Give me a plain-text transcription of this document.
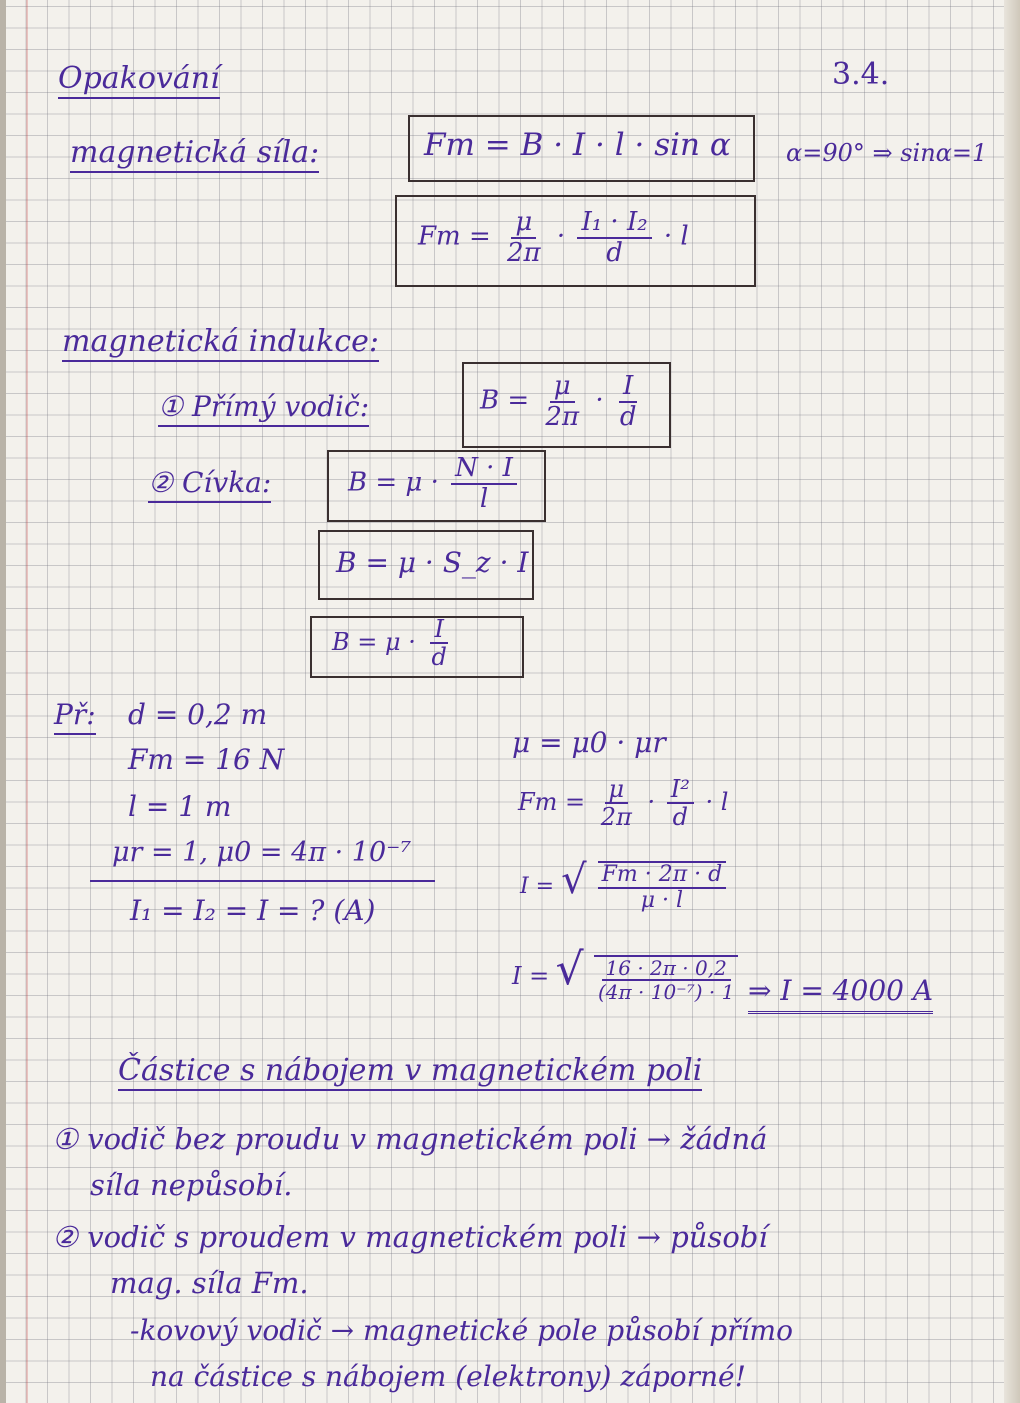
Opakování	3.4.
magnetická síla:	Fm = B · I · l · sin α α=90° ⇒ sinα=1
$Fm = \frac{\mu}{2\pi} \cdot \frac{\text{I₁ · I₂}}{d} \cdot l$
magnetická indukce:
① Přímý vodič:	$B = \frac{\mu}{2\pi} \cdot \frac{I}{d}$
② Cívka:	$B = \mu \cdot \frac{N \cdot I}{l}$
B = μ · S_z · I
$B = \mu \cdot \frac{I}{d}$
Př: d = 0,2 m
Fm = 16 N
l = 1 m
μr = 1, μ0 = 4π · 10⁻⁷
I₁ = I₂ = I = ? (A)
μ = μ0 · μr
$Fm = \frac{\mu}{2\pi} \cdot \frac{\text{I²}}{d} \cdot l$
I = √ $\frac{Fm \cdot 2\pi \cdot d}{\mu \cdot l}$
I = √ $\frac{16 \cdot 2\pi \cdot 0,2}{\text{(4π · 10⁻⁷) · 1}}$ ⇒ I = 4000 A
Částice s nábojem v magnetickém poli
① vodič bez proudu v magnetickém poli → žádná
síla nepůsobí.
② vodič s proudem v magnetickém poli → působí
mag. síla Fm.
-kovový vodič → magnetické pole působí přímo
na částice s nábojem (elektrony) záporné!
